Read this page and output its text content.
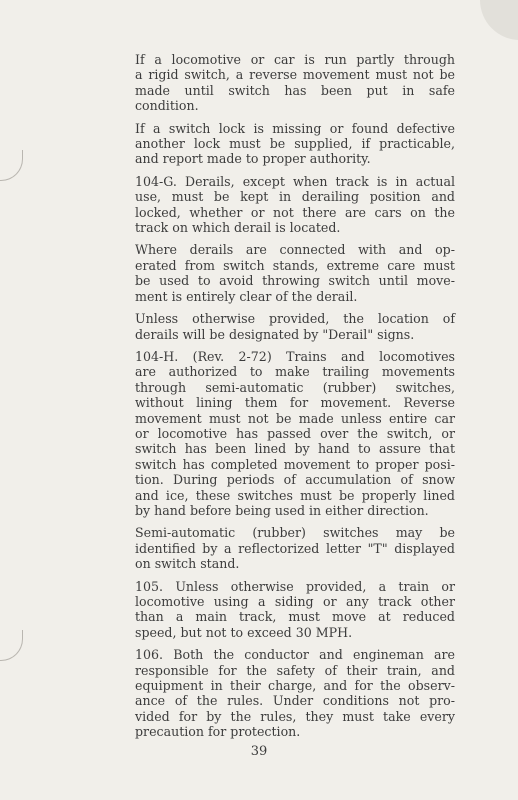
If a locomotive or car is run partly through
a rigid switch, a reverse movement must not be
made until switch has been put in safe
condition.
If a switch lock is missing or found defective
another lock must be supplied, if practicable,
and report made to proper authority.
104-G. Derails, except when track is in actual
use, must be kept in derailing position and
locked, whether or not there are cars on the
track on which derail is located.
Where derails are connected with and op-
erated from switch stands, extreme care must
be used to avoid throwing switch until move-
ment is entirely clear of the derail.
Unless otherwise provided, the location of
derails will be designated by "Derail" signs.
104-H. (Rev. 2-72) Trains and locomotives
are authorized to make trailing movements
through semi-automatic (rubber) switches,
without lining them for movement. Reverse
movement must not be made unless entire car
or locomotive has passed over the switch, or
switch has been lined by hand to assure that
switch has completed movement to proper posi-
tion. During periods of accumulation of snow
and ice, these switches must be properly lined
by hand before being used in either direction.
Semi-automatic (rubber) switches may be
identified by a reflectorized letter "T" displayed
on switch stand.
105. Unless otherwise provided, a train or
locomotive using a siding or any track other
than a main track, must move at reduced
speed, but not to exceed 30 MPH.
106. Both the conductor and engineman are
responsible for the safety of their train, and
equipment in their charge, and for the observ-
ance of the rules. Under conditions not pro-
vided for by the rules, they must take every
precaution for protection.
39
